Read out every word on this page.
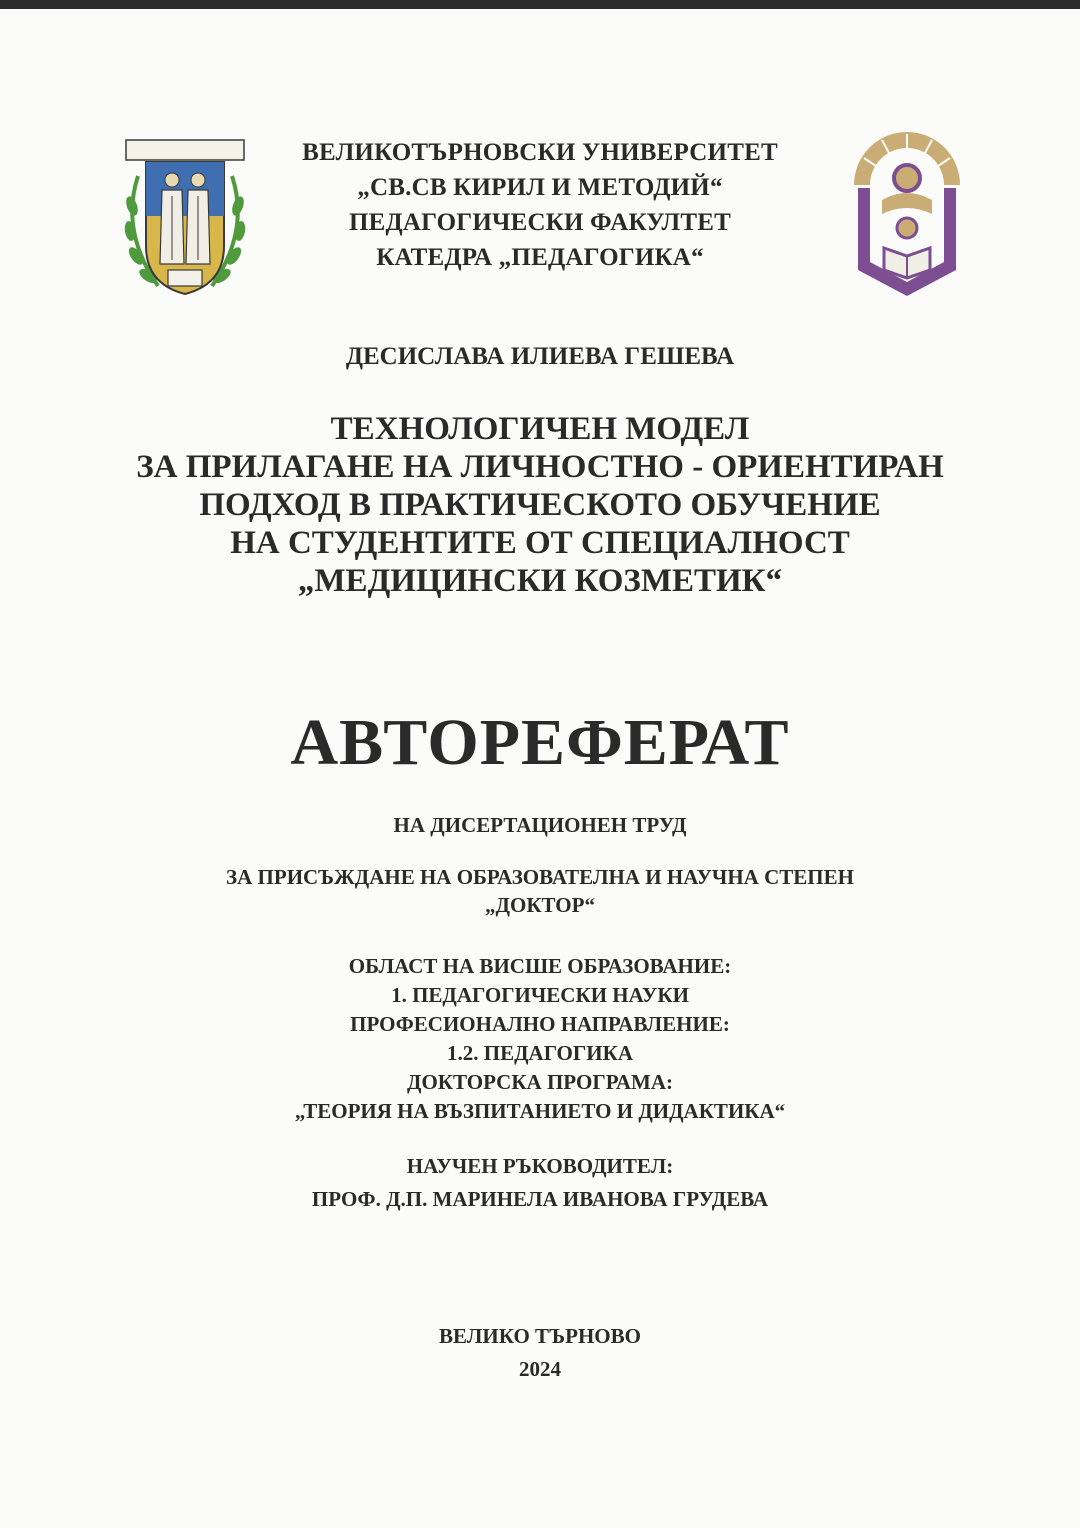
ВЕЛИКОТЪРНОВСКИ УНИВЕРСИТЕТ
„СВ.СВ КИРИЛ И МЕТОДИЙ“
ПЕДАГОГИЧЕСКИ ФАКУЛТЕТ
КАТЕДРА „ПЕДАГОГИКА“
ДЕСИСЛАВА ИЛИЕВА ГЕШЕВА
ТЕХНОЛОГИЧЕН МОДЕЛ
ЗА ПРИЛАГАНЕ НА ЛИЧНОСТНО - ОРИЕНТИРАН
ПОДХОД В ПРАКТИЧЕСКОТО ОБУЧЕНИЕ
НА СТУДЕНТИТЕ ОТ СПЕЦИАЛНОСТ
„МЕДИЦИНСКИ КОЗМЕТИК“
АВТОРЕФЕРАТ
НА ДИСЕРТАЦИОНЕН ТРУД
ЗА ПРИСЪЖДАНЕ НА ОБРАЗОВАТЕЛНА И НАУЧНА СТЕПЕН
„ДОКТОР“
ОБЛАСТ НА ВИСШЕ ОБРАЗОВАНИЕ:
1. ПЕДАГОГИЧЕСКИ НАУКИ
ПРОФЕСИОНАЛНО НАПРАВЛЕНИЕ:
1.2. ПЕДАГОГИКА
ДОКТОРСКА ПРОГРАМА:
„ТЕОРИЯ НА ВЪЗПИТАНИЕТО И ДИДАКТИКА“
НАУЧЕН РЪКОВОДИТЕЛ:
ПРОФ. Д.П. МАРИНЕЛА ИВАНОВА ГРУДЕВА
ВЕЛИКО ТЪРНОВО
2024
